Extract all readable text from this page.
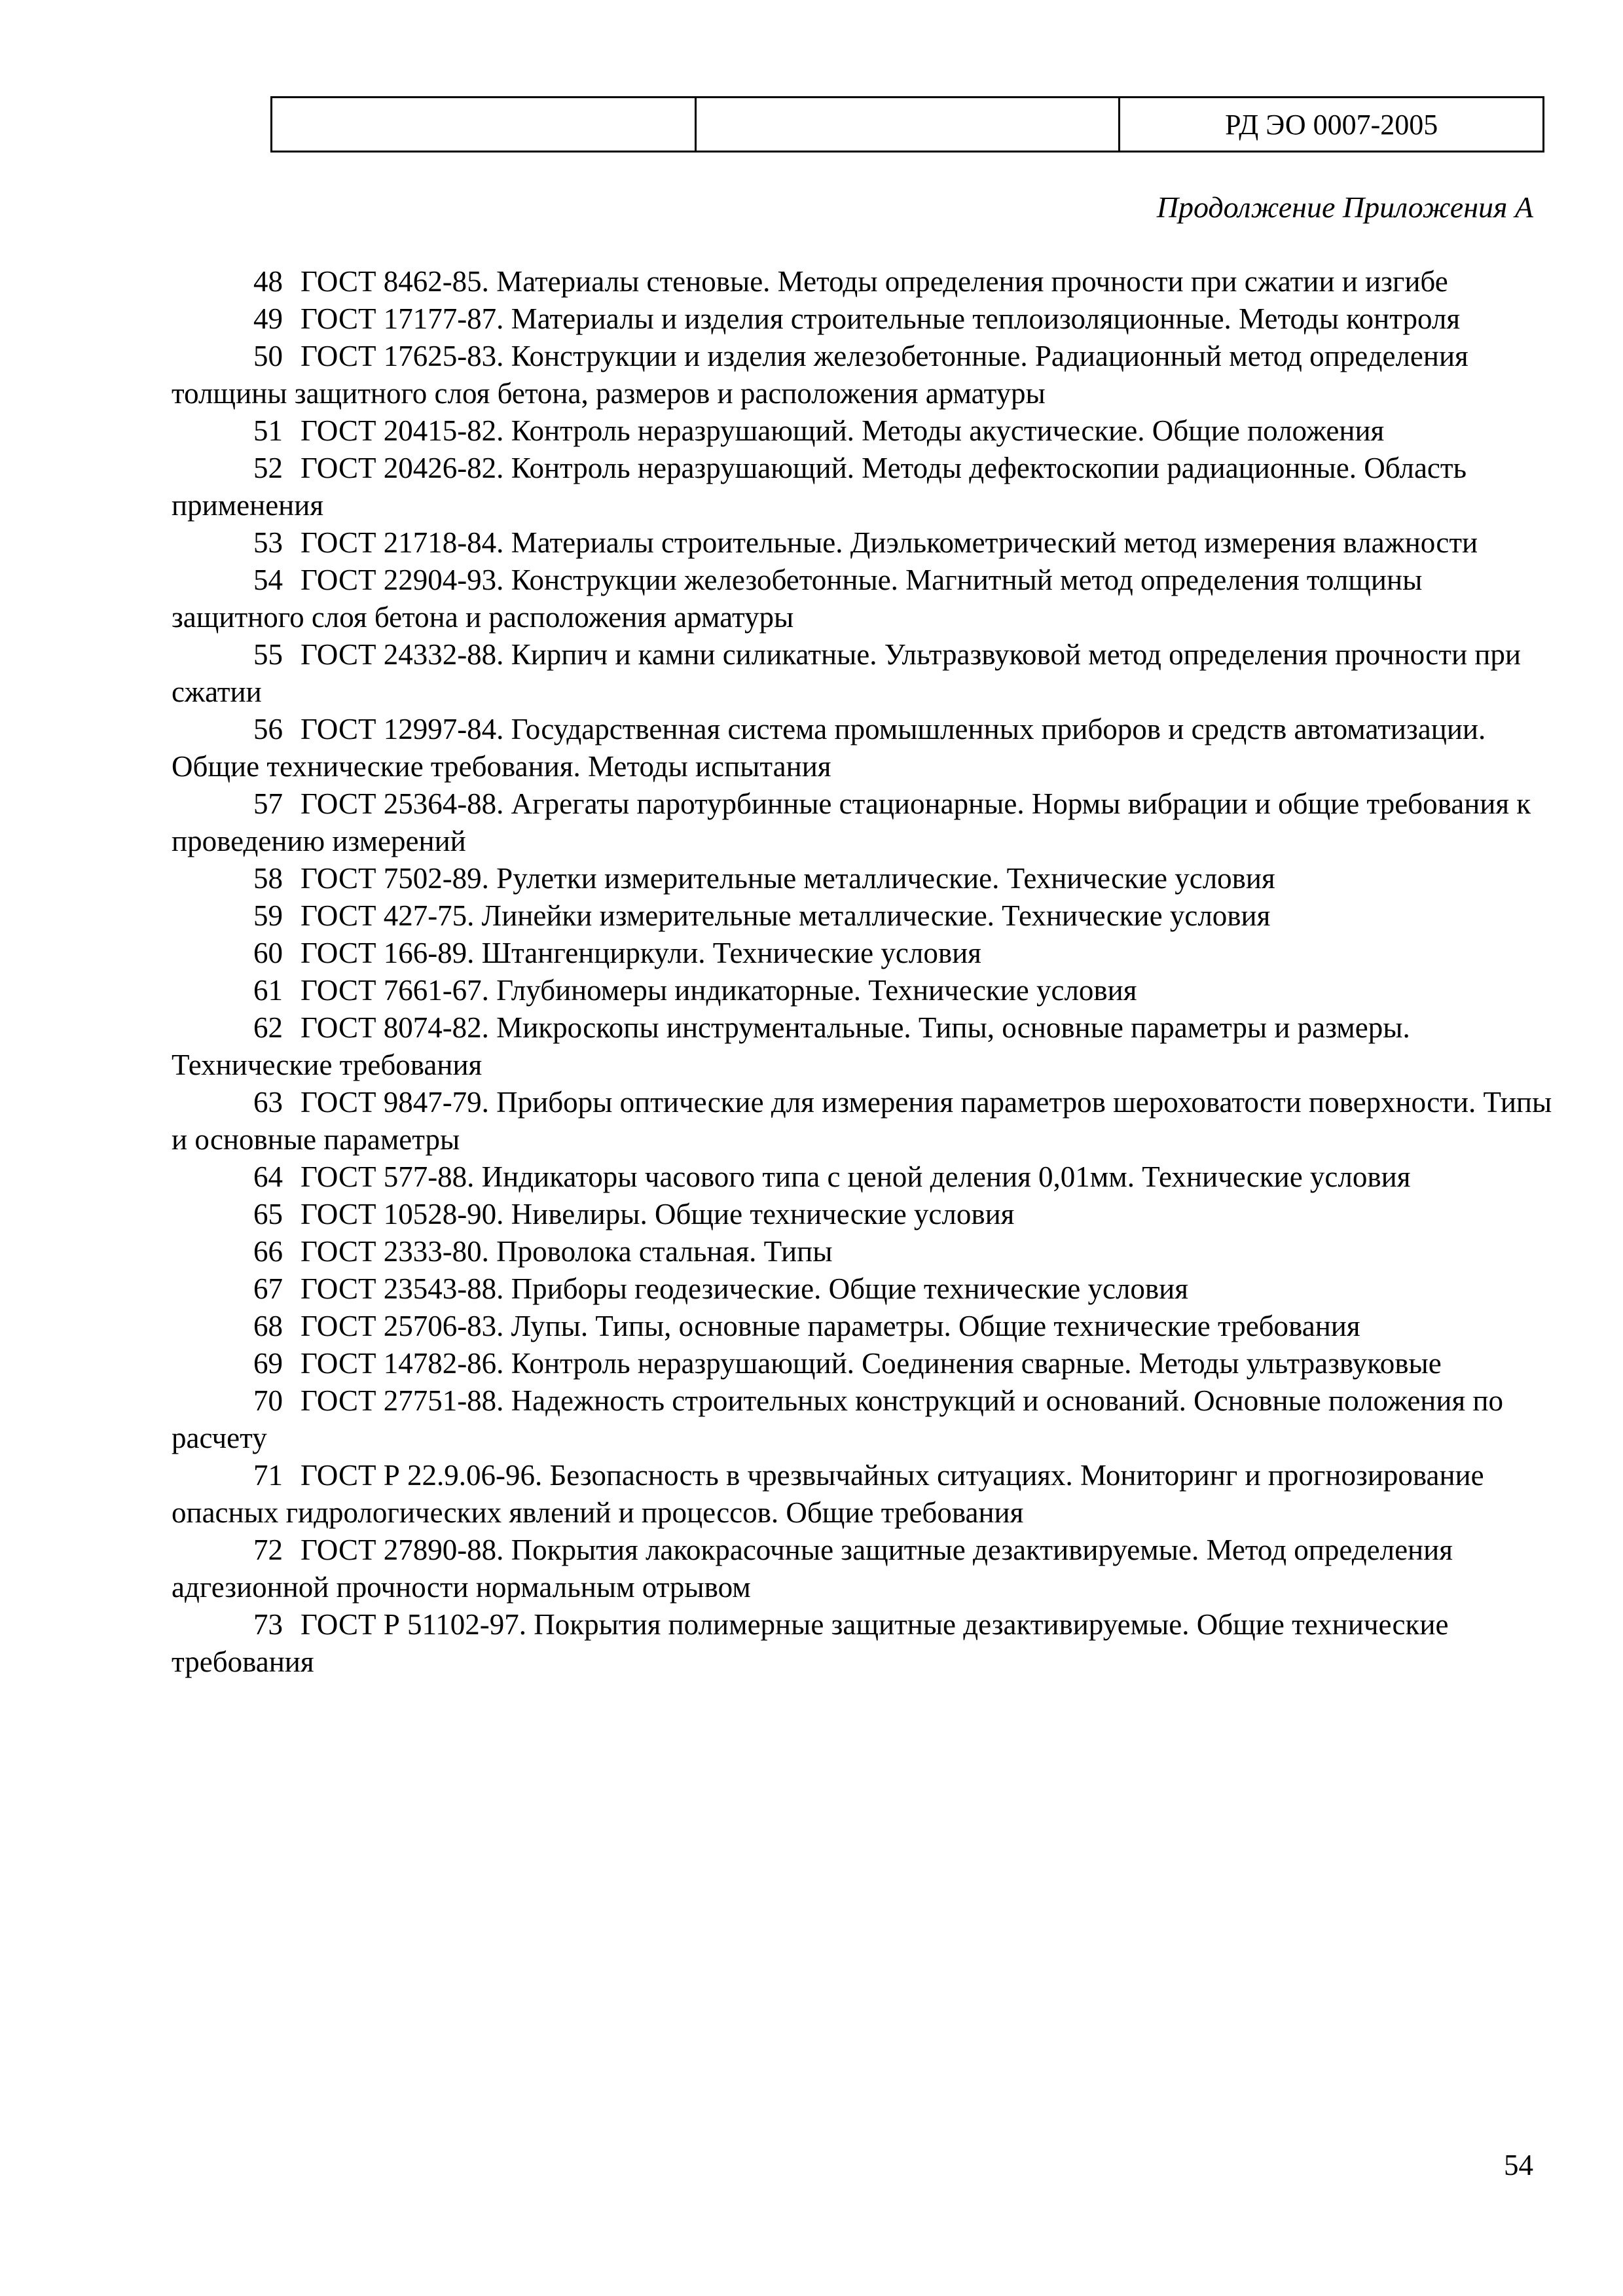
		РД ЭО 0007-2005
Продолжение Приложения А
48 ГОСТ 8462-85. Материалы стеновые. Методы определения прочности при сжатии и изгибе
49 ГОСТ 17177-87. Материалы и изделия строительные теплоизоляционные. Методы контроля
50 ГОСТ 17625-83. Конструкции и изделия железобетонные. Радиационный метод определения толщины защитного слоя бетона, размеров и расположения арматуры
51 ГОСТ 20415-82. Контроль неразрушающий. Методы акустические. Общие положения
52 ГОСТ 20426-82. Контроль неразрушающий. Методы дефектоскопии радиационные. Область применения
53 ГОСТ 21718-84. Материалы строительные. Диэлькометрический метод измерения влажности
54 ГОСТ 22904-93. Конструкции железобетонные. Магнитный метод определения толщины защитного слоя бетона и расположения арматуры
55 ГОСТ 24332-88. Кирпич и камни силикатные. Ультразвуковой метод определения прочности при сжатии
56 ГОСТ 12997-84. Государственная система промышленных приборов и средств автоматизации. Общие технические требования. Методы испытания
57 ГОСТ 25364-88. Агрегаты паротурбинные стационарные. Нормы вибрации и общие требования к проведению измерений
58 ГОСТ 7502-89. Рулетки измерительные металлические. Технические условия
59 ГОСТ 427-75. Линейки измерительные металлические. Технические условия
60 ГОСТ 166-89. Штангенциркули. Технические условия
61 ГОСТ 7661-67. Глубиномеры индикаторные. Технические условия
62 ГОСТ 8074-82. Микроскопы инструментальные. Типы, основные параметры и размеры. Технические требования
63 ГОСТ 9847-79. Приборы оптические для измерения параметров шероховатости поверхности. Типы и основные параметры
64 ГОСТ 577-88. Индикаторы часового типа с ценой деления 0,01мм. Технические условия
65 ГОСТ 10528-90. Нивелиры. Общие технические условия
66 ГОСТ 2333-80. Проволока стальная. Типы
67 ГОСТ 23543-88. Приборы геодезические. Общие технические условия
68 ГОСТ 25706-83. Лупы. Типы, основные параметры. Общие технические требования
69 ГОСТ 14782-86. Контроль неразрушающий. Соединения сварные. Методы ультразвуковые
70 ГОСТ 27751-88. Надежность строительных конструкций и оснований. Основные положения по расчету
71 ГОСТ Р 22.9.06-96. Безопасность в чрезвычайных ситуациях. Мониторинг и прогнозирование опасных гидрологических явлений и процессов. Общие требования
72 ГОСТ 27890-88. Покрытия лакокрасочные защитные дезактивируемые. Метод определения адгезионной прочности нормальным отрывом
73 ГОСТ Р 51102-97. Покрытия полимерные защитные дезактивируемые. Общие технические требования
54
